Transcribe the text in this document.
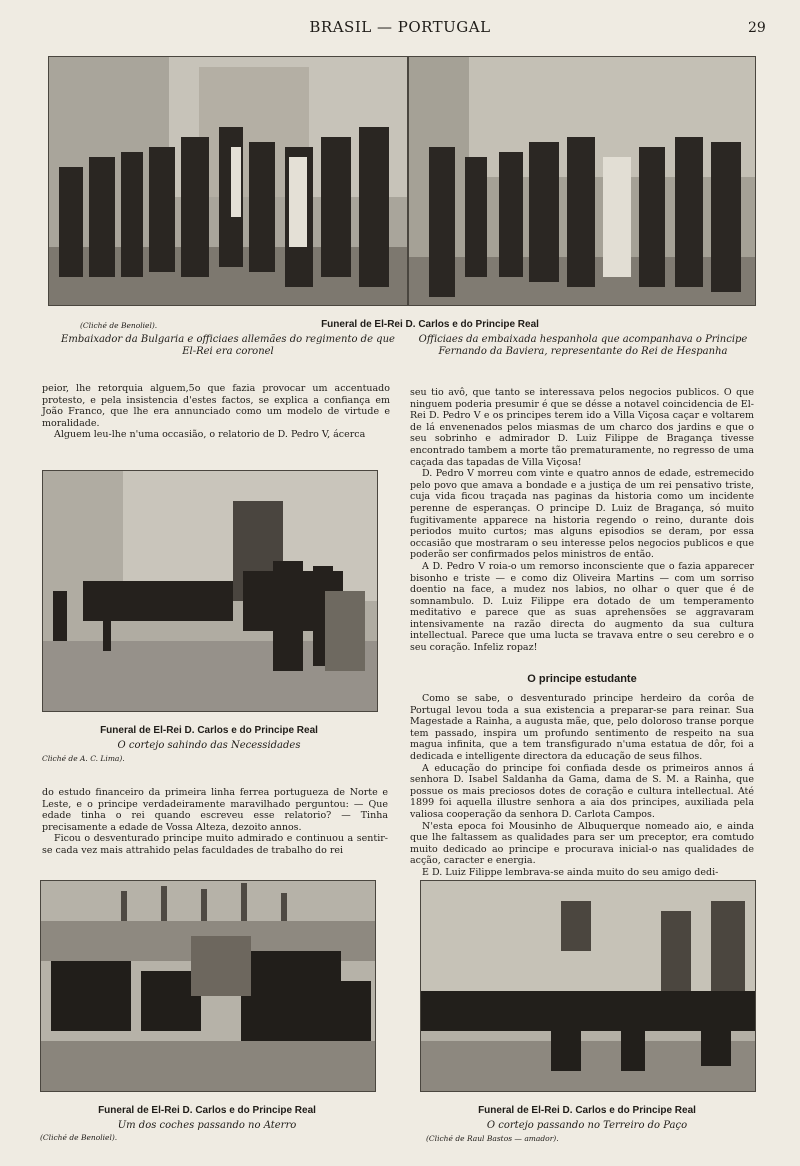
BRASIL — PORTUGAL	29
(Cliché de Benoliel).	Funeral de El-Rei D. Carlos e do Principe Real
Embaixador da Bulgaria e officiaes allemães do regimento de que El-Rei era coronel
Officiaes da embaixada hespanhola que acompanhava o Principe Fernando da Baviera, representante do Rei de Hespanha

peior, lhe retorquia alguem,5o que fazia provocar um accentuado protesto, e pela insistencia d'estes factos, se explica a confiança em João Franco, que lhe era annunciado como um modelo de virtude e moralidade.

Alguem leu-lhe n'uma occasião, o relatorio de D. Pedro V, ácerca

Funeral de El-Rei D. Carlos e do Principe Real
O cortejo sahindo das Necessidades
Cliché de A. C. Lima).

do estudo financeiro da primeira linha ferrea portugueza de Norte e Leste, e o principe verdadeiramente maravilhado perguntou: — Que edade tinha o rei quando escreveu esse relatorio? — Tinha precisamente a edade de Vossa Alteza, dezoito annos.

Ficou o desventurado principe muito admirado e continuou a sentir-se cada vez mais attrahido pelas faculdades de trabalho do rei

seu tio avô, que tanto se interessava pelos negocios publicos. O que ninguem poderia presumir é que se désse a notavel coincidencia de El-Rei D. Pedro V e os principes terem ido a Villa Viçosa caçar e voltarem de lá envenenados pelos miasmas de um charco dos jardins e que o seu sobrinho e admirador D. Luiz Filippe de Bragança tivesse encontrado tambem a morte tão prematuramente, no regresso de uma caçada das tapadas de Villa Viçosa!

D. Pedro V morreu com vinte e quatro annos de edade, estremecido pelo povo que amava a bondade e a justiça de um rei pensativo triste, cuja vida ficou traçada nas paginas da historia como um incidente perenne de esperanças. O principe D. Luiz de Bragança, só muito fugitivamente apparece na historia regendo o reino, durante dois periodos muito curtos; mas alguns episodios se deram, por essa occasião que mostraram o seu interesse pelos negocios publicos e que poderão ser confirmados pelos ministros de então.

A D. Pedro V roia-o um remorso inconsciente que o fazia apparecer bisonho e triste — e como diz Oliveira Martins — com um sorriso doentio na face, a mudez nos labios, no olhar o quer que é de somnambulo. D. Luiz Filippe era dotado de um temperamento meditativo e parece que as suas aprehensões se aggravaram intensivamente na razão directa do augmento da sua cultura intellectual. Parece que uma lucta se travava entre o seu cerebro e o seu coração. Infeliz ropaz!

O principe estudante

Como se sabe, o desventurado principe herdeiro da corôa de Portugal levou toda a sua existencia a preparar-se para reinar. Sua Magestade a Rainha, a augusta mãe, que, pelo doloroso transe porque tem passado, inspira um profundo sentimento de respeito na sua magua infinita, que a tem transfigurado n'uma estatua de dôr, foi a dedicada e intelligente directora da educação de seus filhos.

A educação do principe foi confiada desde os primeiros annos á senhora D. Isabel Saldanha da Gama, dama de S. M. a Rainha, que possue os mais preciosos dotes de coração e cultura intellectual. Até 1899 foi aquella illustre senhora a aia dos principes, auxiliada pela valiosa cooperação da senhora D. Carlota Campos.

N'esta epoca foi Mousinho de Albuquerque nomeado aio, e ainda que lhe faltassem as qualidades para ser um preceptor, era comtudo muito dedicado ao principe e procurava inicial-o nas qualidades de acção, caracter e energia.

E D. Luiz Filippe lembrava-se ainda muito do seu amigo dedi-

Funeral de El-Rei D. Carlos e do Principe Real
Um dos coches passando no Aterro
(Cliché de Benoliel).
Funeral de El-Rei D. Carlos e do Principe Real
O cortejo passando no Terreiro do Paço
(Cliché de Raul Bastos — amador).
